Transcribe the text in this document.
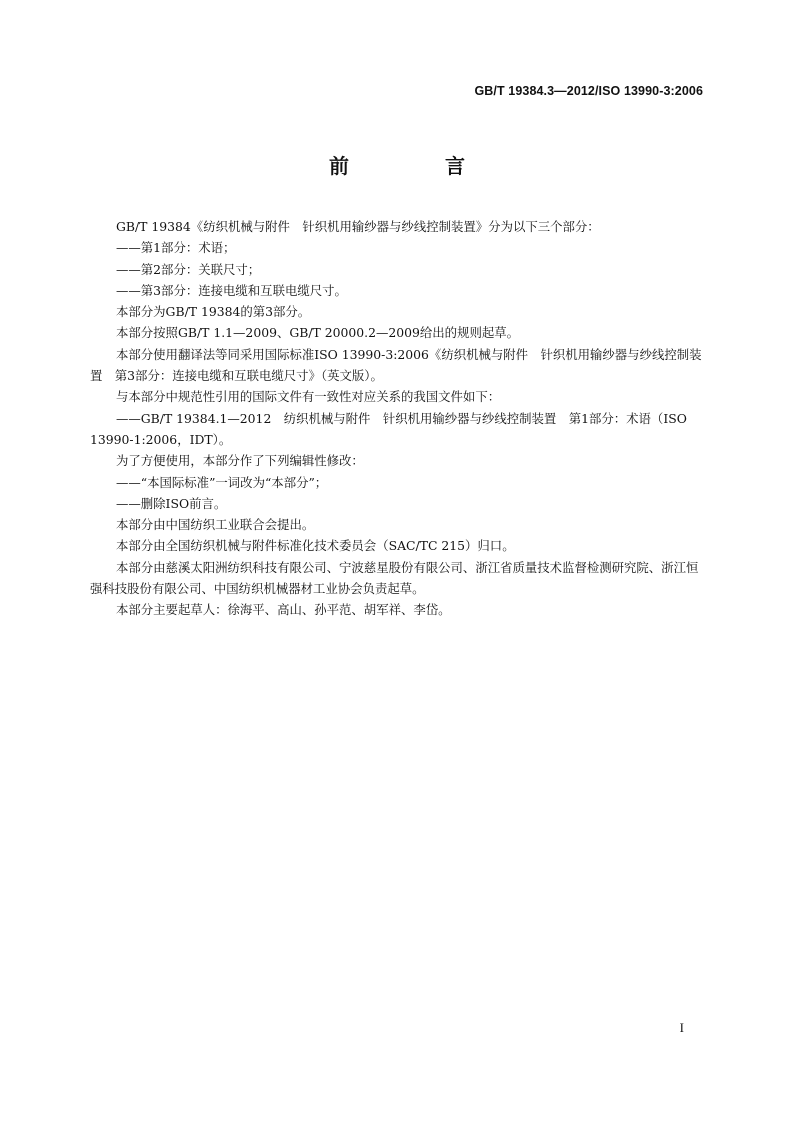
GB/T 19384.3—2012/ISO 13990-3:2006
前　言

GB/T 19384《纺织机械与附件　针织机用输纱器与纱线控制装置》分为以下三个部分：

——第1部分：术语；

——第2部分：关联尺寸；

——第3部分：连接电缆和互联电缆尺寸。

本部分为GB/T 19384的第3部分。

本部分按照GB/T 1.1—2009、GB/T 20000.2—2009给出的规则起草。

本部分使用翻译法等同采用国际标准ISO 13990-3:2006《纺织机械与附件　针织机用输纱器与纱线控制装置　第3部分：连接电缆和互联电缆尺寸》（英文版）。

与本部分中规范性引用的国际文件有一致性对应关系的我国文件如下：

——GB/T 19384.1—2012　纺织机械与附件　针织机用输纱器与纱线控制装置　第1部分：术语（ISO 13990-1:2006，IDT）。

为了方便使用，本部分作了下列编辑性修改：

——“本国际标准”一词改为“本部分”；

——删除ISO前言。

本部分由中国纺织工业联合会提出。

本部分由全国纺织机械与附件标准化技术委员会（SAC/TC 215）归口。

本部分由慈溪太阳洲纺织科技有限公司、宁波慈星股份有限公司、浙江省质量技术监督检测研究院、浙江恒强科技股份有限公司、中国纺织机械器材工业协会负责起草。

本部分主要起草人：徐海平、高山、孙平范、胡军祥、李岱。

I
